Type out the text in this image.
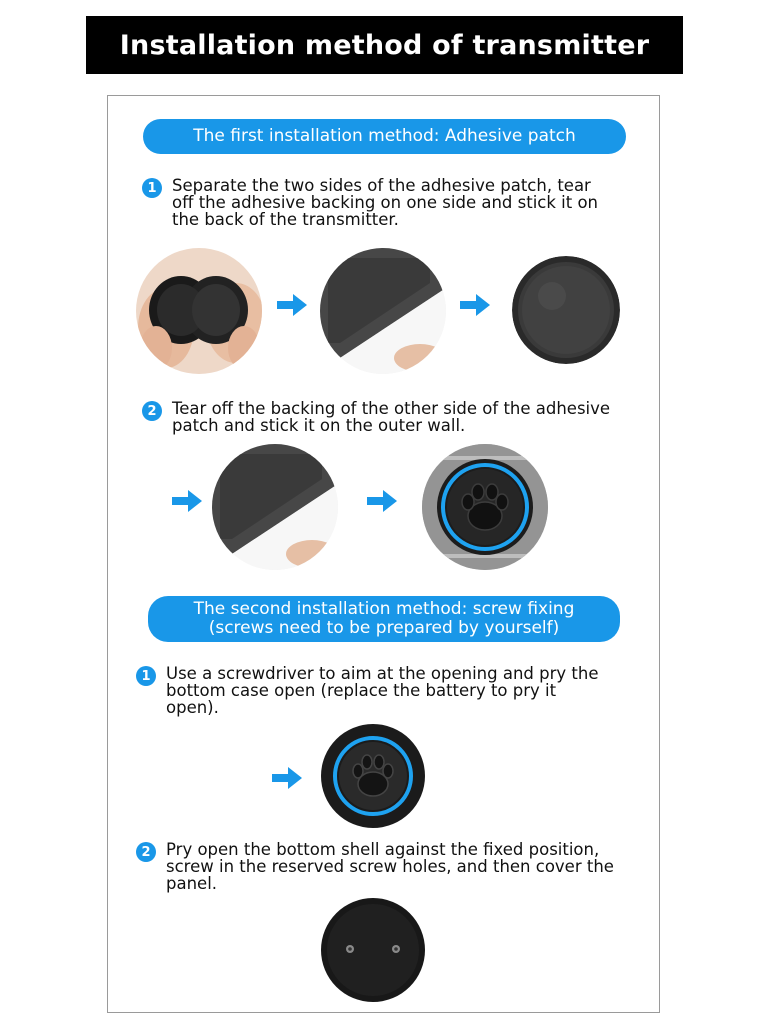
Installation method of transmitter
The first installation method: Adhesive patch
1 Separate the two sides of the adhesive patch, tear off the adhesive backing on one side and stick it on the back of the transmitter.
2 Tear off the backing of the other side of the adhesive patch and stick it on the outer wall.
The second installation method: screw fixing
(screws need to be prepared by yourself)
1 Use a screwdriver to aim at the opening and pry the bottom case open (replace the battery to pry it open).
2 Pry open the bottom shell against the fixed position, screw in the reserved screw holes, and then cover the panel.
